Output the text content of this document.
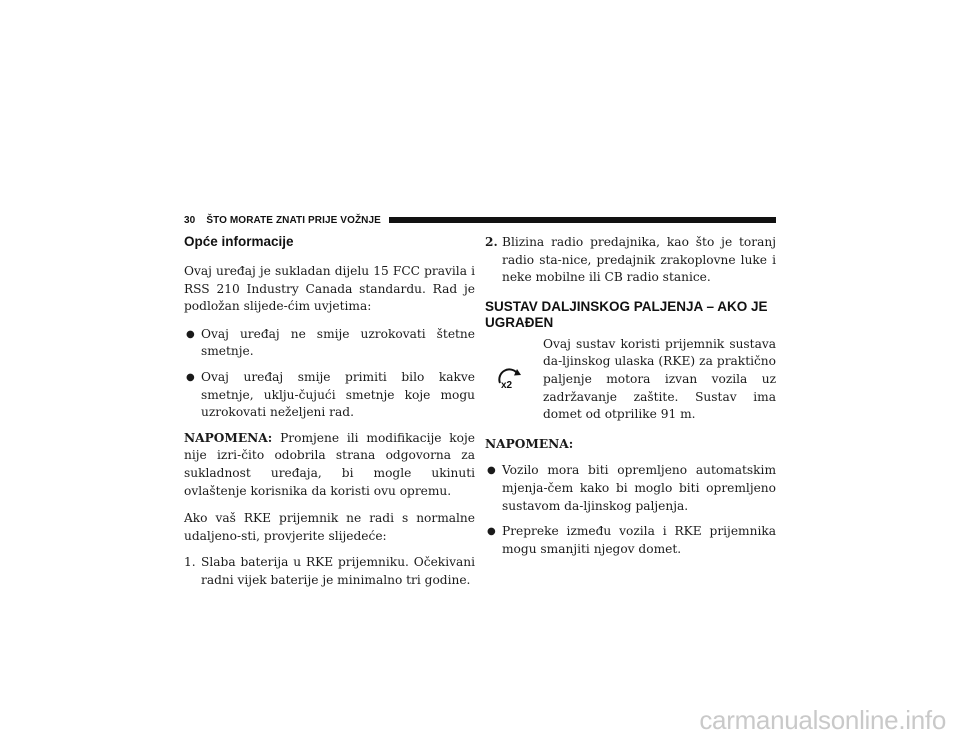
30 ŠTO MORATE ZNATI PRIJE VOŽNJE
Opće informacije

Ovaj uređaj je sukladan dijelu 15 FCC pravila i RSS 210 Industry Canada standardu. Rad je podložan slijede-ćim uvjetima:

● Ovaj uređaj ne smije uzrokovati štetne smetnje.
● Ovaj uređaj smije primiti bilo kakve smetnje, uklju-čujući smetnje koje mogu uzrokovati neželjeni rad.

NAPOMENA: Promjene ili modifikacije koje nije izri-čito odobrila strana odgovorna za sukladnost uređaja, bi mogle ukinuti ovlaštenje korisnika da koristi ovu opremu.

Ako vaš RKE prijemnik ne radi s normalne udaljeno-sti, provjerite slijedeće:

1. Slaba baterija u RKE prijemniku. Očekivani radni vijek baterije je minimalno tri godine.
2. Blizina radio predajnika, kao što je toranj radio sta-nice, predajnik zrakoplovne luke i neke mobilne ili CB radio stanice.
SUSTAV DALJINSKOG PALJENJA – AKO JE UGRAĐEN
x2
Ovaj sustav koristi prijemnik sustava da-ljinskog ulaska (RKE) za praktično paljenje motora izvan vozila uz zadržavanje zaštite. Sustav ima domet od otprilike 91 m.

NAPOMENA:

● Vozilo mora biti opremljeno automatskim mjenja-čem kako bi moglo biti opremljeno sustavom da-ljinskog paljenja.
● Prepreke između vozila i RKE prijemnika mogu smanjiti njegov domet.
carmanualsonline.info
